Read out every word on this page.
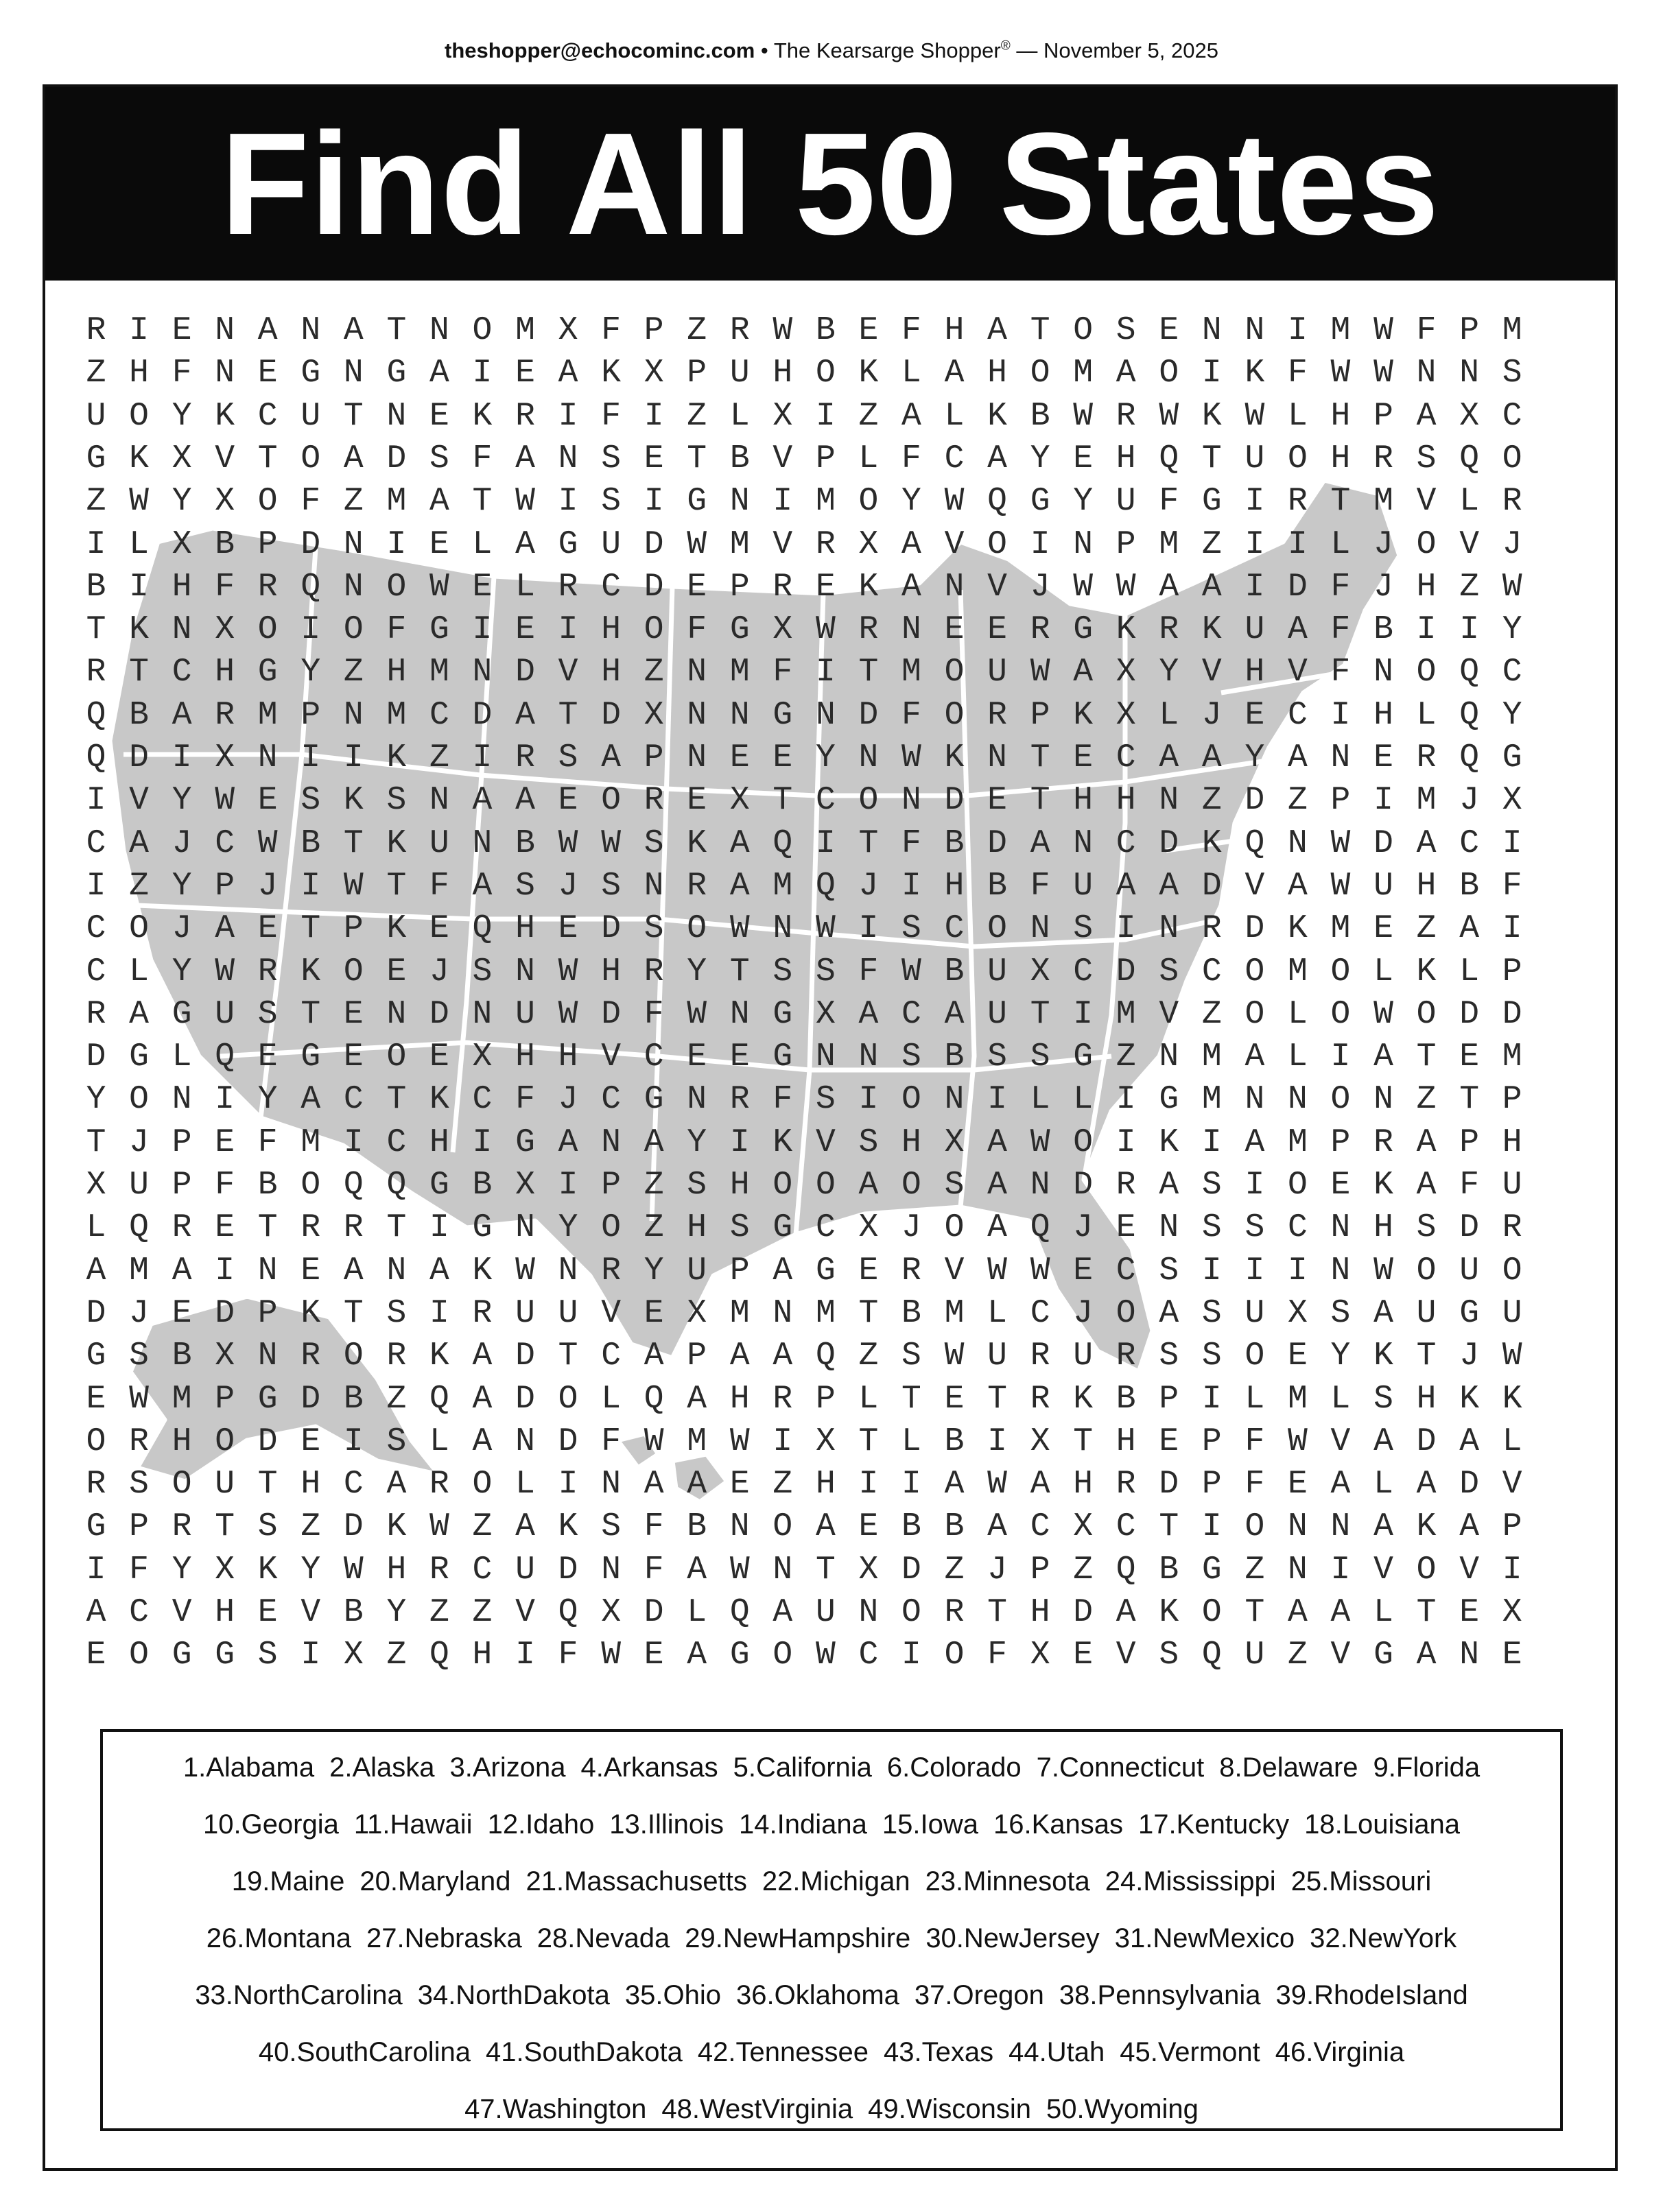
theshopper@echocominc.com • The Kearsarge Shopper® — November 5, 2025
Find All 50 States
R I E N A N A T N O M X F P Z R W B E F H A T O S E N N I M W F P M
Z H F N E G N G A I E A K X P U H O K L A H O M A O I K F W W N N S
U O Y K C U T N E K R I F I Z L X I Z A L K B W R W K W L H P A X C
G K X V T O A D S F A N S E T B V P L F C A Y E H Q T U O H R S Q O
Z W Y X O F Z M A T W I S I G N I M O Y W Q G Y U F G I R T M V L R
I L X B P D N I E L A G U D W M V R X A V O I N P M Z I I L J O V J
B I H F R Q N O W E L R C D E P R E K A N V J W W A A I D F J H Z W
T K N X O I O F G I E I H O F G X W R N E E R G K R K U A F B I I Y
R T C H G Y Z H M N D V H Z N M F I T M O U W A X Y V H V F N O Q C
Q B A R M P N M C D A T D X N N G N D F O R P K X L J E C I H L Q Y
Q D I X N I I K Z I R S A P N E E Y N W K N T E C A A Y A N E R Q G
I V Y W E S K S N A A E O R E X T C O N D E T H H N Z D Z P I M J X
C A J C W B T K U N B W W S K A Q I T F B D A N C D K Q N W D A C I
I Z Y P J I W T F A S J S N R A M Q J I H B F U A A D V A W U H B F
C O J A E T P K E Q H E D S O W N W I S C O N S I N R D K M E Z A I
C L Y W R K O E J S N W H R Y T S S F W B U X C D S C O M O L K L P
R A G U S T E N D N U W D F W N G X A C A U T I M V Z O L O W O D D
D G L Q E G E O E X H H V C E E G N N S B S S G Z N M A L I A T E M
Y O N I Y A C T K C F J C G N R F S I O N I L L I G M N N O N Z T P
T J P E F M I C H I G A N A Y I K V S H X A W O I K I A M P R A P H
X U P F B O Q Q G B X I P Z S H O O A O S A N D R A S I O E K A F U
L Q R E T R R T I G N Y O Z H S G C X J O A Q J E N S S C N H S D R
A M A I N E A N A K W N R Y U P A G E R V W W E C S I I I N W O U O
D J E D P K T S I R U U V E X M N M T B M L C J O A S U X S A U G U
G S B X N R O R K A D T C A P A A Q Z S W U R U R S S O E Y K T J W
E W M P G D B Z Q A D O L Q A H R P L T E T R K B P I L M L S H K K
O R H O D E I S L A N D F W M W I X T L B I X T H E P F W V A D A L
R S O U T H C A R O L I N A A E Z H I I A W A H R D P F E A L A D V
G P R T S Z D K W Z A K S F B N O A E B B A C X C T I O N N A K A P
I F Y X K Y W H R C U D N F A W N T X D Z J P Z Q B G Z N I V O V I
A C V H E V B Y Z Z V Q X D L Q A U N O R T H D A K O T A A L T E X
E O G G S I X Z Q H I F W E A G O W C I O F X E V S Q U Z V G A N E
1.Alabama 2.Alaska 3.Arizona 4.Arkansas 5.California 6.Colorado 7.Connecticut 8.Delaware 9.Florida
10.Georgia 11.Hawaii 12.Idaho 13.Illinois 14.Indiana 15.Iowa 16.Kansas 17.Kentucky 18.Louisiana
19.Maine 20.Maryland 21.Massachusetts 22.Michigan 23.Minnesota 24.Mississippi 25.Missouri
26.Montana 27.Nebraska 28.Nevada 29.NewHampshire 30.NewJersey 31.NewMexico 32.NewYork
33.NorthCarolina 34.NorthDakota 35.Ohio 36.Oklahoma 37.Oregon 38.Pennsylvania 39.RhodeIsland
40.SouthCarolina 41.SouthDakota 42.Tennessee 43.Texas 44.Utah 45.Vermont 46.Virginia
47.Washington 48.WestVirginia 49.Wisconsin 50.Wyoming
